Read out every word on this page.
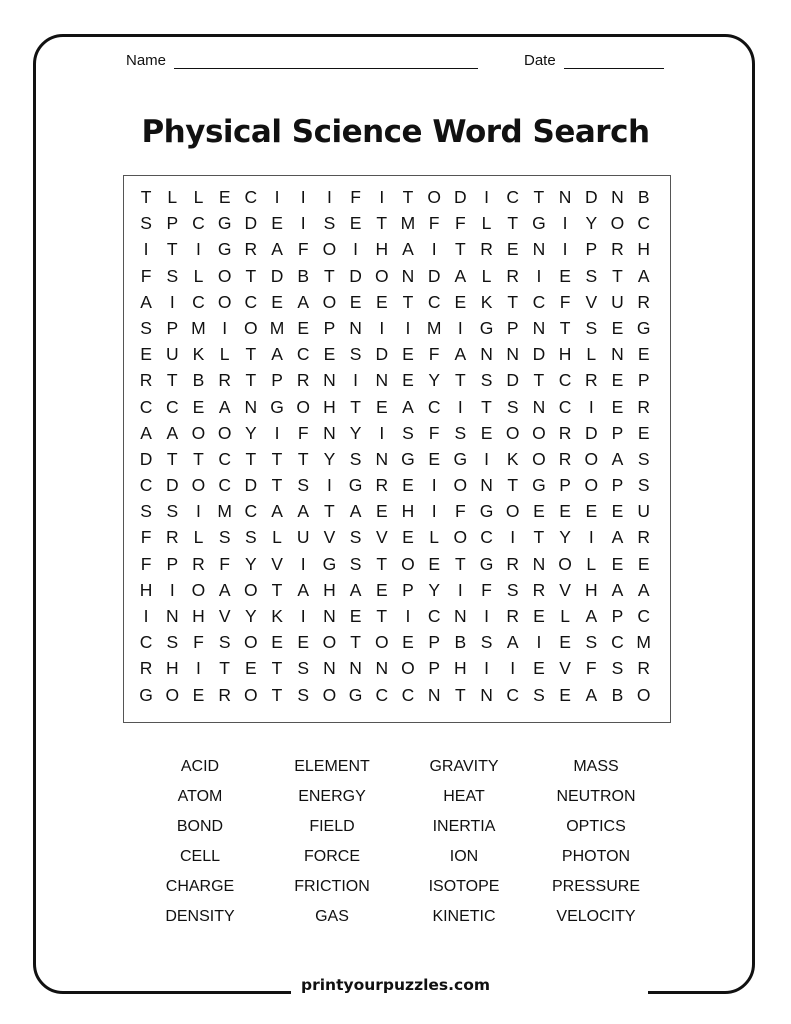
Name	Date
Physical Science Word Search
T L L E C I	I	I	F	I	T O D I C T N D N B
S P C G D E	I	S E T M F F L T G I	Y O C
I	T	I G R A F O I H A	I	T R E N I	P R H
F S L O T D B T D O N D A L R I	E S T A
A	I C O C E A O E E T C E K T C F V U R
S P M I O M E P N I	I M I G P N T S E G
E U K L T A C E S D E F A N N D H L N E
R T B R T P R N I N E Y T S D T C R E P
C C E A N G O H T E A C I	T S N C I	E R
A A O O Y	I	F N Y	I	S F S E O O R D P E
D T T C T T T Y S N G E G I	K O R O A S
C D O C D T S	I G R E	I O N T G P O P S
S S	I M C A A T A E H I	F G O E E E E U
F R L S S L U V S V E L O C I	T Y	I	A R
F P R F Y V	I G S T O E T G R N O L E E
H I O A O T A H A E P Y	I	F S R V H A A
I N H V Y K	I N E T	I C N I R E L A P C
C S F S O E E O T O E P B S A	I	E S C M
R H I	T E T S N N N O P H I	I	E V F S R
G O E R O T S O G C C N T N C S E A B O
ACID	ELEMENT	GRAVITY	MASS
ATOM	ENERGY	HEAT	NEUTRON
BOND	FIELD	INERTIA	OPTICS
CELL	FORCE	ION	PHOTON
CHARGE	FRICTION	ISOTOPE	PRESSURE
DENSITY	GAS	KINETIC	VELOCITY
printyourpuzzles.com
